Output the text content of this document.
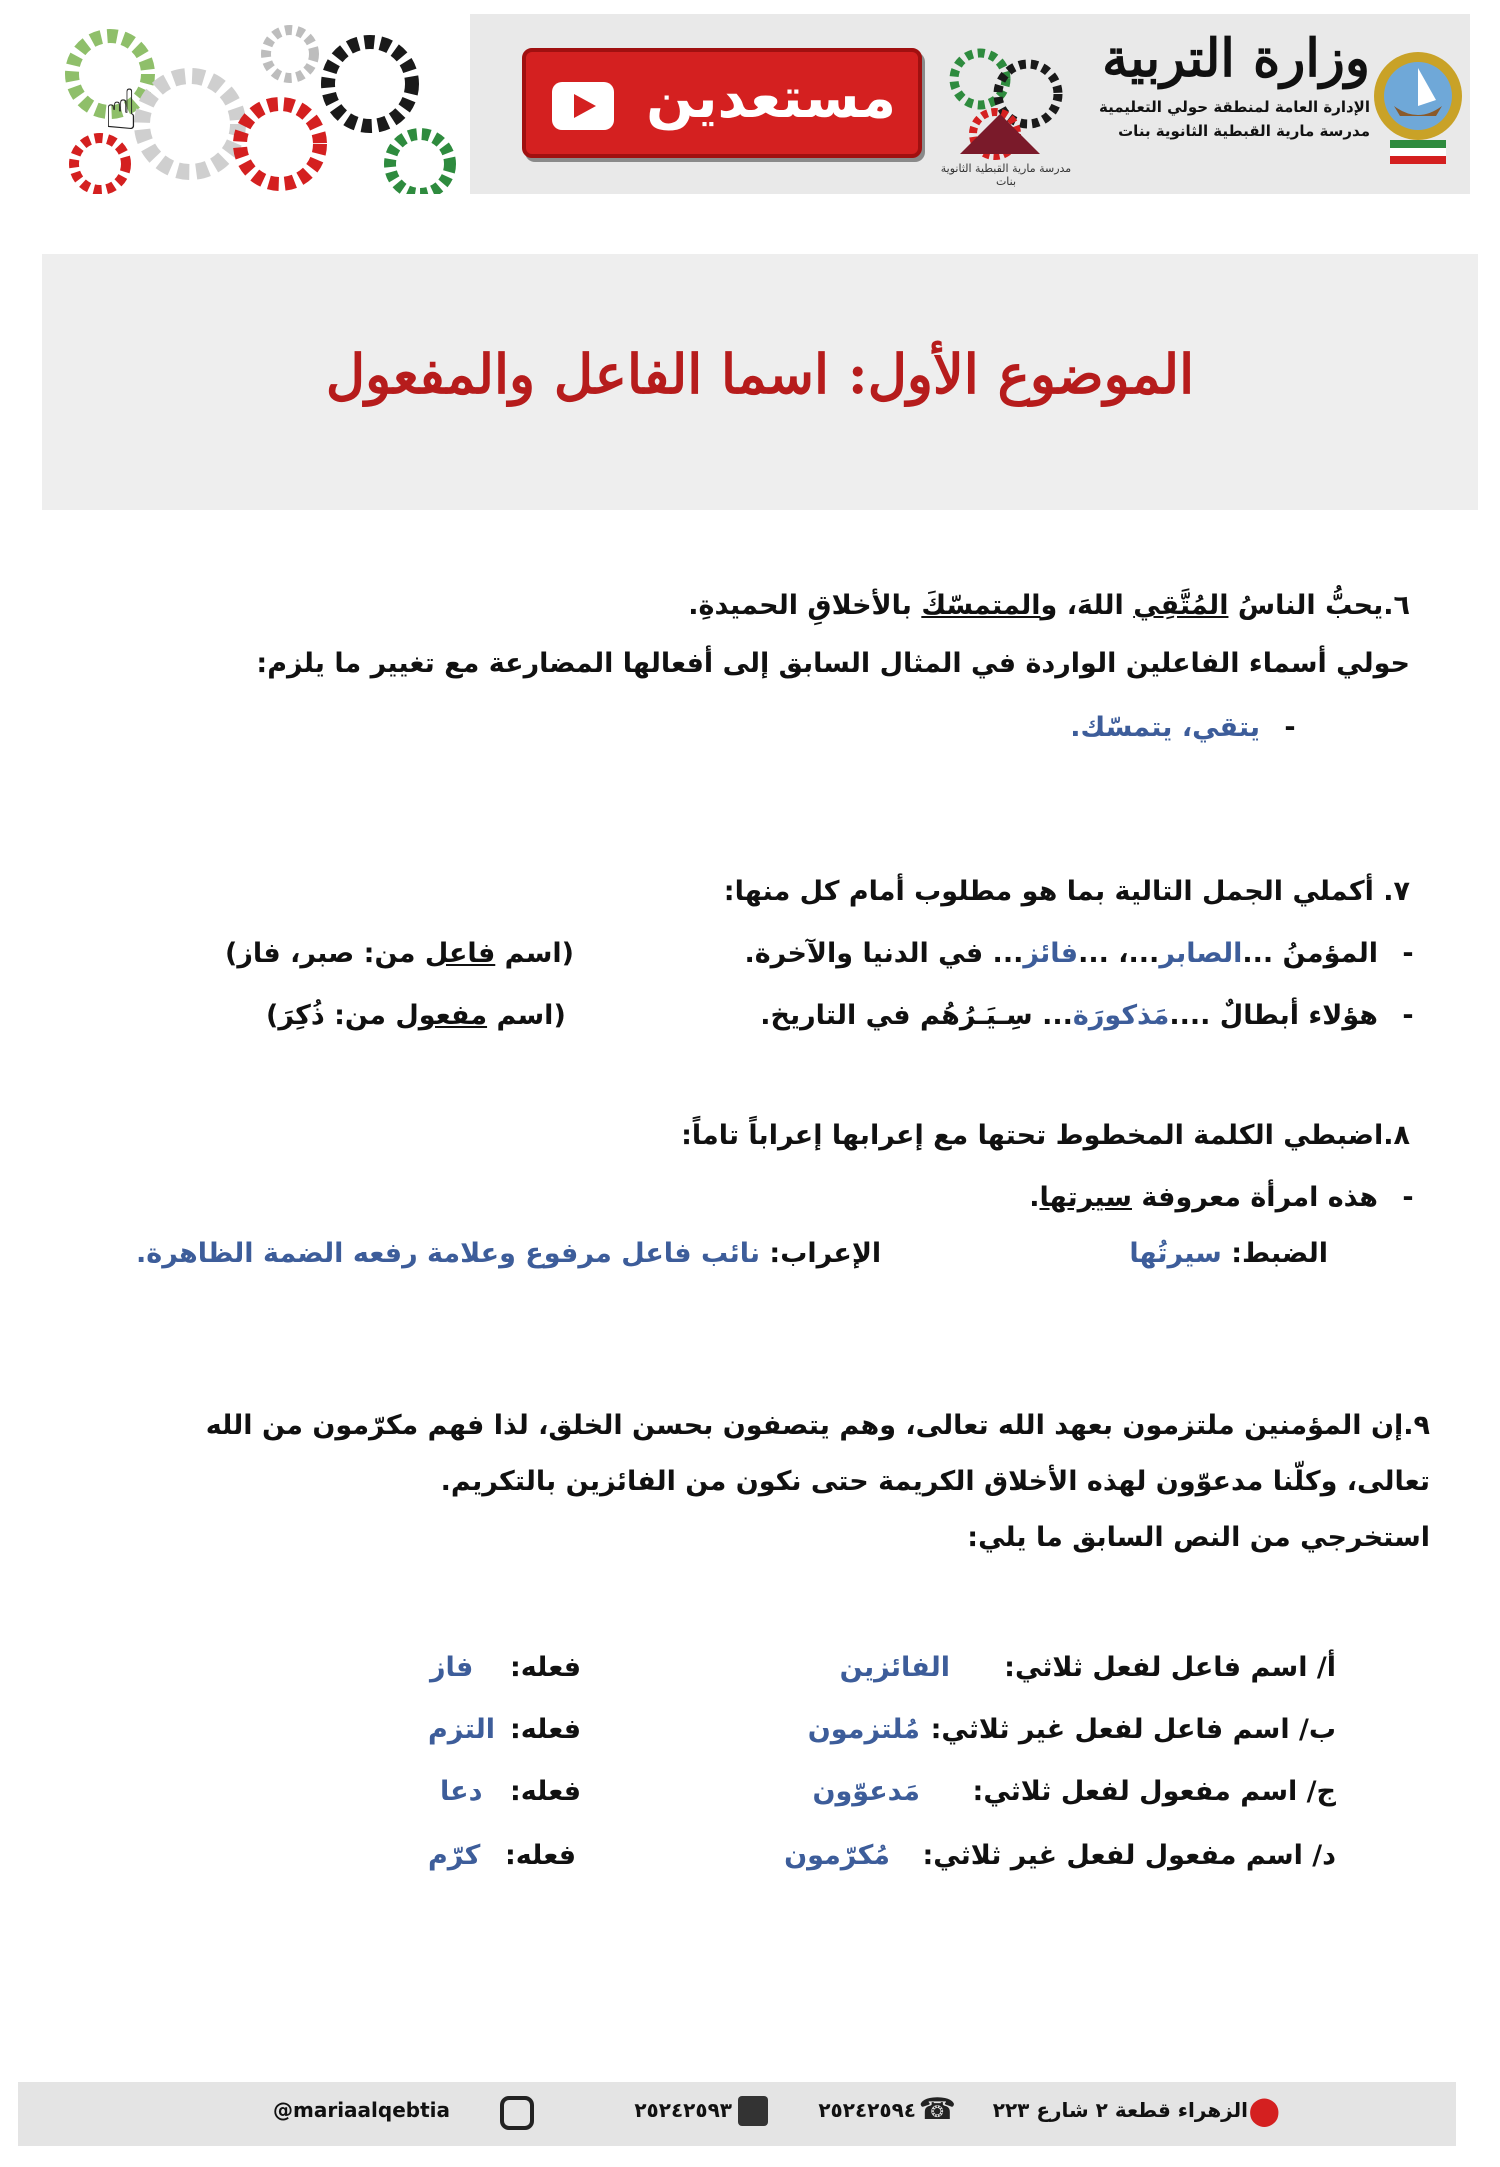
مستعدين
☝
مدرسة مارية القبطية الثانوية بنات
وزارة التربية
الإدارة العامة لمنطقة حولي التعليمية
مدرسة مارية القبطية الثانوية بنات
الموضوع الأول: اسما الفاعل والمفعول
٦.يحبُّ الناسُ المُتَّقِي اللهَ، والمتمسّكَ بالأخلاقِ الحميدةِ.
حولي أسماء الفاعلين الواردة في المثال السابق إلى أفعالها المضارعة مع تغيير ما يلزم:
-يتقي، يتمسّك.
٧. أكملي الجمل التالية بما هو مطلوب أمام كل منها:
-المؤمنُ ...الصابر...، ...فائز... في الدنيا والآخرة.
(اسم فاعل من: صبر، فاز)
-هؤلاء أبطالٌ ....مَذكورَة... سِـيَـرُهُم في التاريخ.
(اسم مفعول من: ذُكِرَ)
٨.اضبطي الكلمة المخطوط تحتها مع إعرابها إعراباً تاماً:
-هذه امرأة معروفة سيرتها.
الضبط: سيرتُها
الإعراب: نائب فاعل مرفوع وعلامة رفعه الضمة الظاهرة.
٩.إن المؤمنين ملتزمون بعهد الله تعالى، وهم يتصفون بحسن الخلق، لذا فهم مكرّمون من الله
تعالى، وكلّنا مدعوّون لهذه الأخلاق الكريمة حتى نكون من الفائزين بالتكريم.
استخرجي من النص السابق ما يلي:
أ/ اسم فاعل لفعل ثلاثي:
الفائزين
فعله:
فاز
ب/ اسم فاعل لفعل غير ثلاثي:
مُلتزمون
فعله:
التزم
ج/ اسم مفعول لفعل ثلاثي:
مَدعوّون
فعله:
دعا
د/ اسم مفعول لفعل غير ثلاثي:
مُكرّمون
فعله:
كرّم
الزهراء قطعة ٢ شارع ٢٢٣ ⬤
٢٥٢٤٢٥٩٤ ☎
٢٥٢٤٢٥٩٣
@mariaalqebtia
